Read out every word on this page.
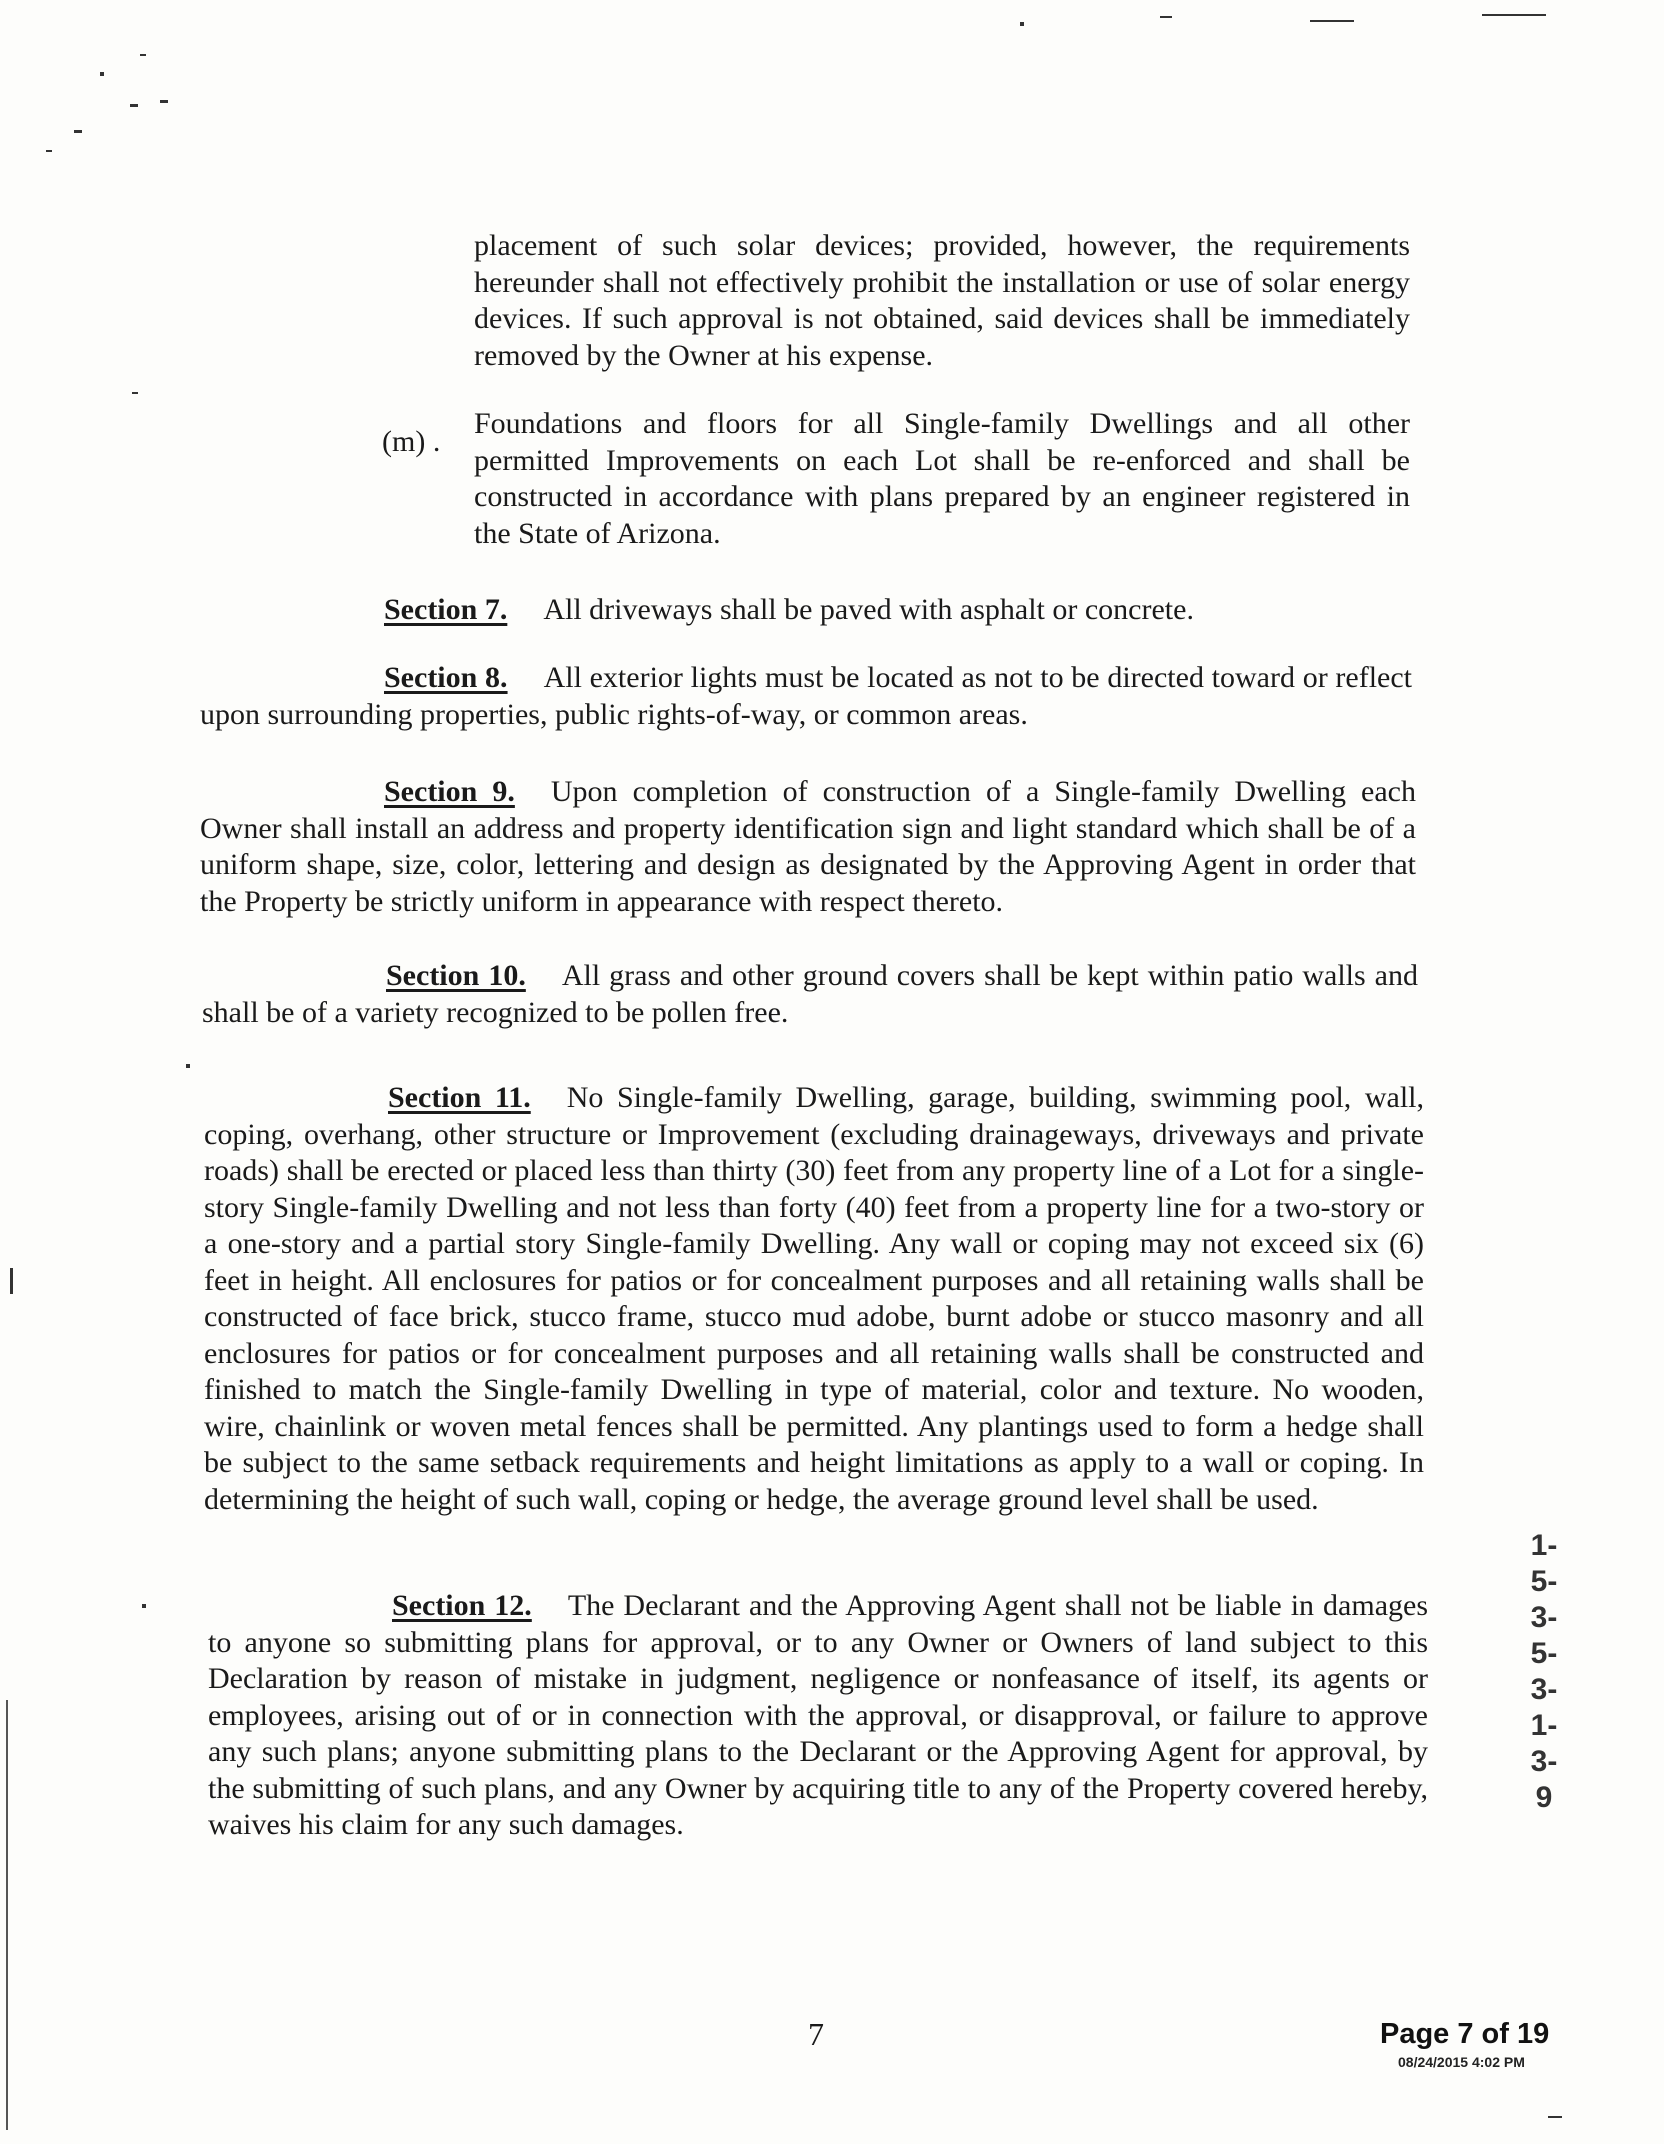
placement of such solar devices; provided, however, the requirements hereunder shall not effectively prohibit the installation or use of solar energy devices. If such approval is not obtained, said devices shall be immediately removed by the Owner at his expense.

(m) .

Foundations and floors for all Single-family Dwellings and all other permitted Improvements on each Lot shall be re-enforced and shall be constructed in accordance with plans prepared by an engineer registered in the State of Arizona.

Section 7. All driveways shall be paved with asphalt or concrete.

Section 8. All exterior lights must be located as not to be directed toward or reflect upon surrounding properties, public rights-of-way, or common areas.

Section 9. Upon completion of construction of a Single-family Dwelling each Owner shall install an address and property identification sign and light standard which shall be of a uniform shape, size, color, lettering and design as designated by the Approving Agent in order that the Property be strictly uniform in appearance with respect thereto.

Section 10. All grass and other ground covers shall be kept within patio walls and shall be of a variety recognized to be pollen free.

Section 11. No Single-family Dwelling, garage, building, swimming pool, wall, coping, overhang, other structure or Improvement (excluding drainageways, driveways and private roads) shall be erected or placed less than thirty (30) feet from any property line of a Lot for a single-story Single-family Dwelling and not less than forty (40) feet from a property line for a two-story or a one-story and a partial story Single-family Dwelling. Any wall or coping may not exceed six (6) feet in height. All enclosures for patios or for concealment purposes and all retaining walls shall be constructed of face brick, stucco frame, stucco mud adobe, burnt adobe or stucco masonry and all enclosures for patios or for concealment purposes and all retaining walls shall be constructed and finished to match the Single-family Dwelling in type of material, color and texture. No wooden, wire, chainlink or woven metal fences shall be permitted. Any plantings used to form a hedge shall be subject to the same setback requirements and height limitations as apply to a wall or coping. In determining the height of such wall, coping or hedge, the average ground level shall be used.

Section 12. The Declarant and the Approving Agent shall not be liable in damages to anyone so submitting plans for approval, or to any Owner or Owners of land subject to this Declaration by reason of mistake in judgment, negligence or nonfeasance of itself, its agents or employees, arising out of or in connection with the approval, or disapproval, or failure to approve any such plans; anyone submitting plans to the Declarant or the Approving Agent for approval, by the submitting of such plans, and any Owner by acquiring title to any of the Property covered hereby, waives his claim for any such damages.

1-5-3-5-3-1-3-9
7	Page 7 of 19
08/24/2015 4:02 PM
